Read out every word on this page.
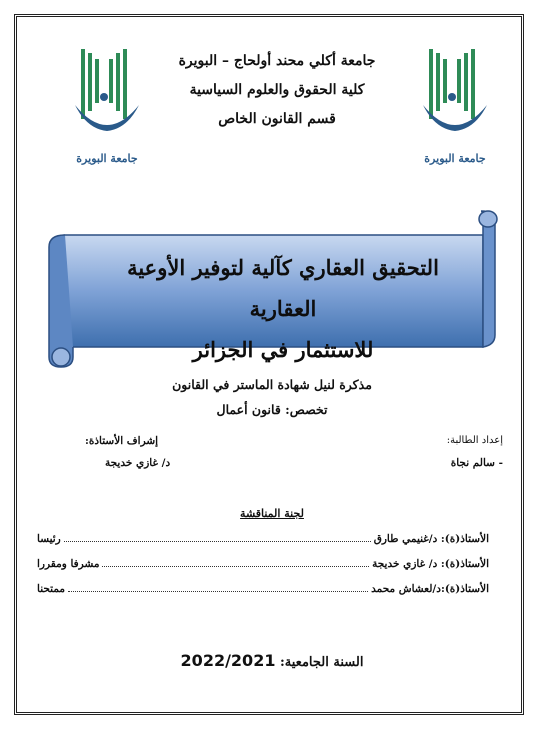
جامعة البويرة	جامعة البويرة
جامعة أكلي محند أولحاج – البويرة
كلية الحقوق والعلوم السياسية
قسم القانون الخاص
التحقيق العقاري كآلية لتوفير الأوعية العقارية
للاستثمار في الجزائر
مذكرة لنيل شهادة الماستر في القانون
تخصص: قانون أعمال
إعداد الطالبة:
- سالم نجاة
إشراف الأستاذة:
د/ غازي خديجة
لجنة المناقشة
الأستاذ(ة): د/غنيمي طارق
رئيسا
الأستاذ(ة): د/ غازي خديجة
مشرفا ومقررا
الأستاذ(ة):د/لعشاش محمد
ممتحنا
السنة الجامعية: 2022/2021
